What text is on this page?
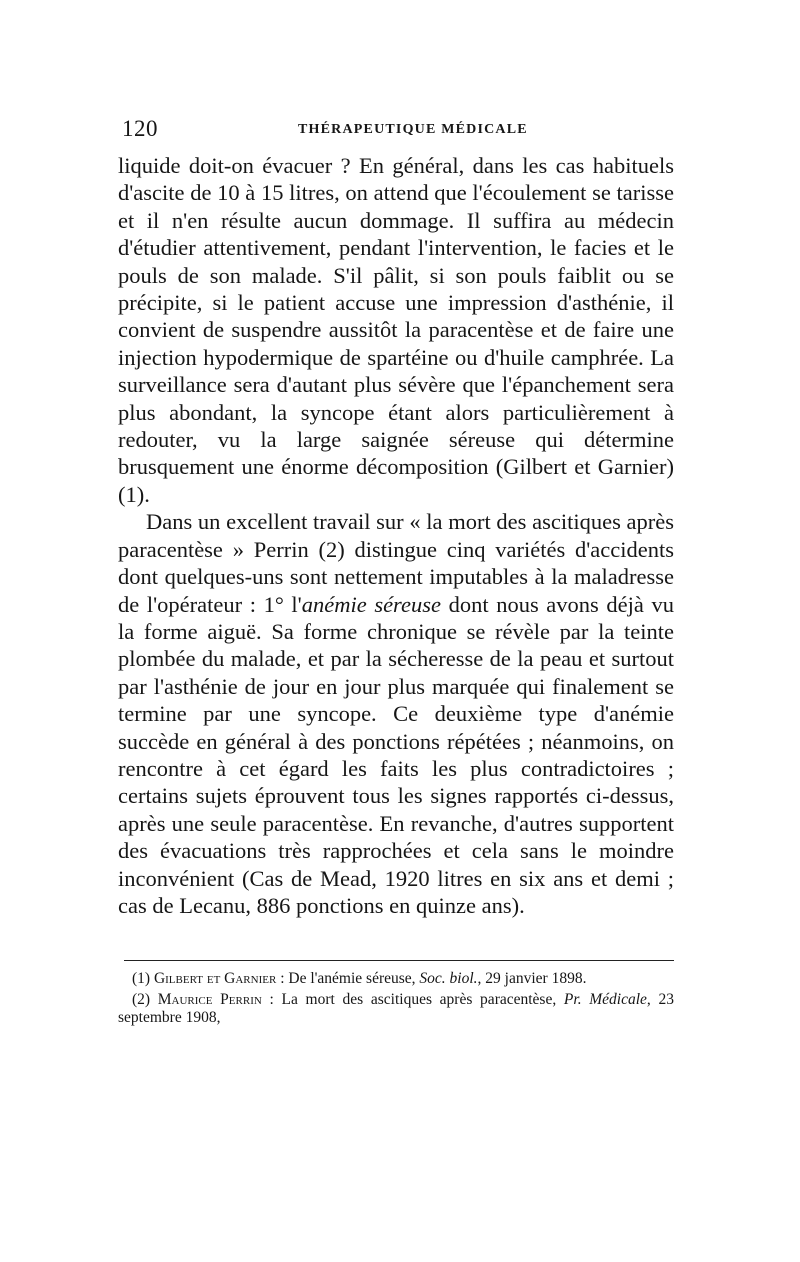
120	THÉRAPEUTIQUE MÉDICALE

liquide doit-on évacuer ? En général, dans les cas habituels d'ascite de 10 à 15 litres, on attend que l'écoulement se tarisse et il n'en résulte aucun dommage. Il suffira au médecin d'étudier attentivement, pendant l'intervention, le facies et le pouls de son malade. S'il pâlit, si son pouls faiblit ou se précipite, si le patient accuse une impression d'asthénie, il convient de suspendre aussitôt la paracentèse et de faire une injection hypodermique de spartéine ou d'huile camphrée. La surveillance sera d'autant plus sévère que l'épanchement sera plus abondant, la syncope étant alors particulièrement à redouter, vu la large saignée séreuse qui détermine brusquement une énorme décomposition (Gilbert et Garnier) (1).

Dans un excellent travail sur « la mort des ascitiques après paracentèse » Perrin (2) distingue cinq variétés d'accidents dont quelques-uns sont nettement imputables à la maladresse de l'opérateur : 1° l'anémie séreuse dont nous avons déjà vu la forme aiguë. Sa forme chronique se révèle par la teinte plombée du malade, et par la sécheresse de la peau et surtout par l'asthénie de jour en jour plus marquée qui finalement se termine par une syncope. Ce deuxième type d'anémie succède en général à des ponctions répétées ; néanmoins, on rencontre à cet égard les faits les plus contradictoires ; certains sujets éprouvent tous les signes rapportés ci-dessus, après une seule paracentèse. En revanche, d'autres supportent des évacuations très rapprochées et cela sans le moindre inconvénient (Cas de Mead, 1920 litres en six ans et demi ; cas de Lecanu, 886 ponctions en quinze ans).

(1) Gilbert et Garnier : De l'anémie séreuse, Soc. biol., 29 janvier 1898.

(2) Maurice Perrin : La mort des ascitiques après paracentèse, Pr. Médicale, 23 septembre 1908,
